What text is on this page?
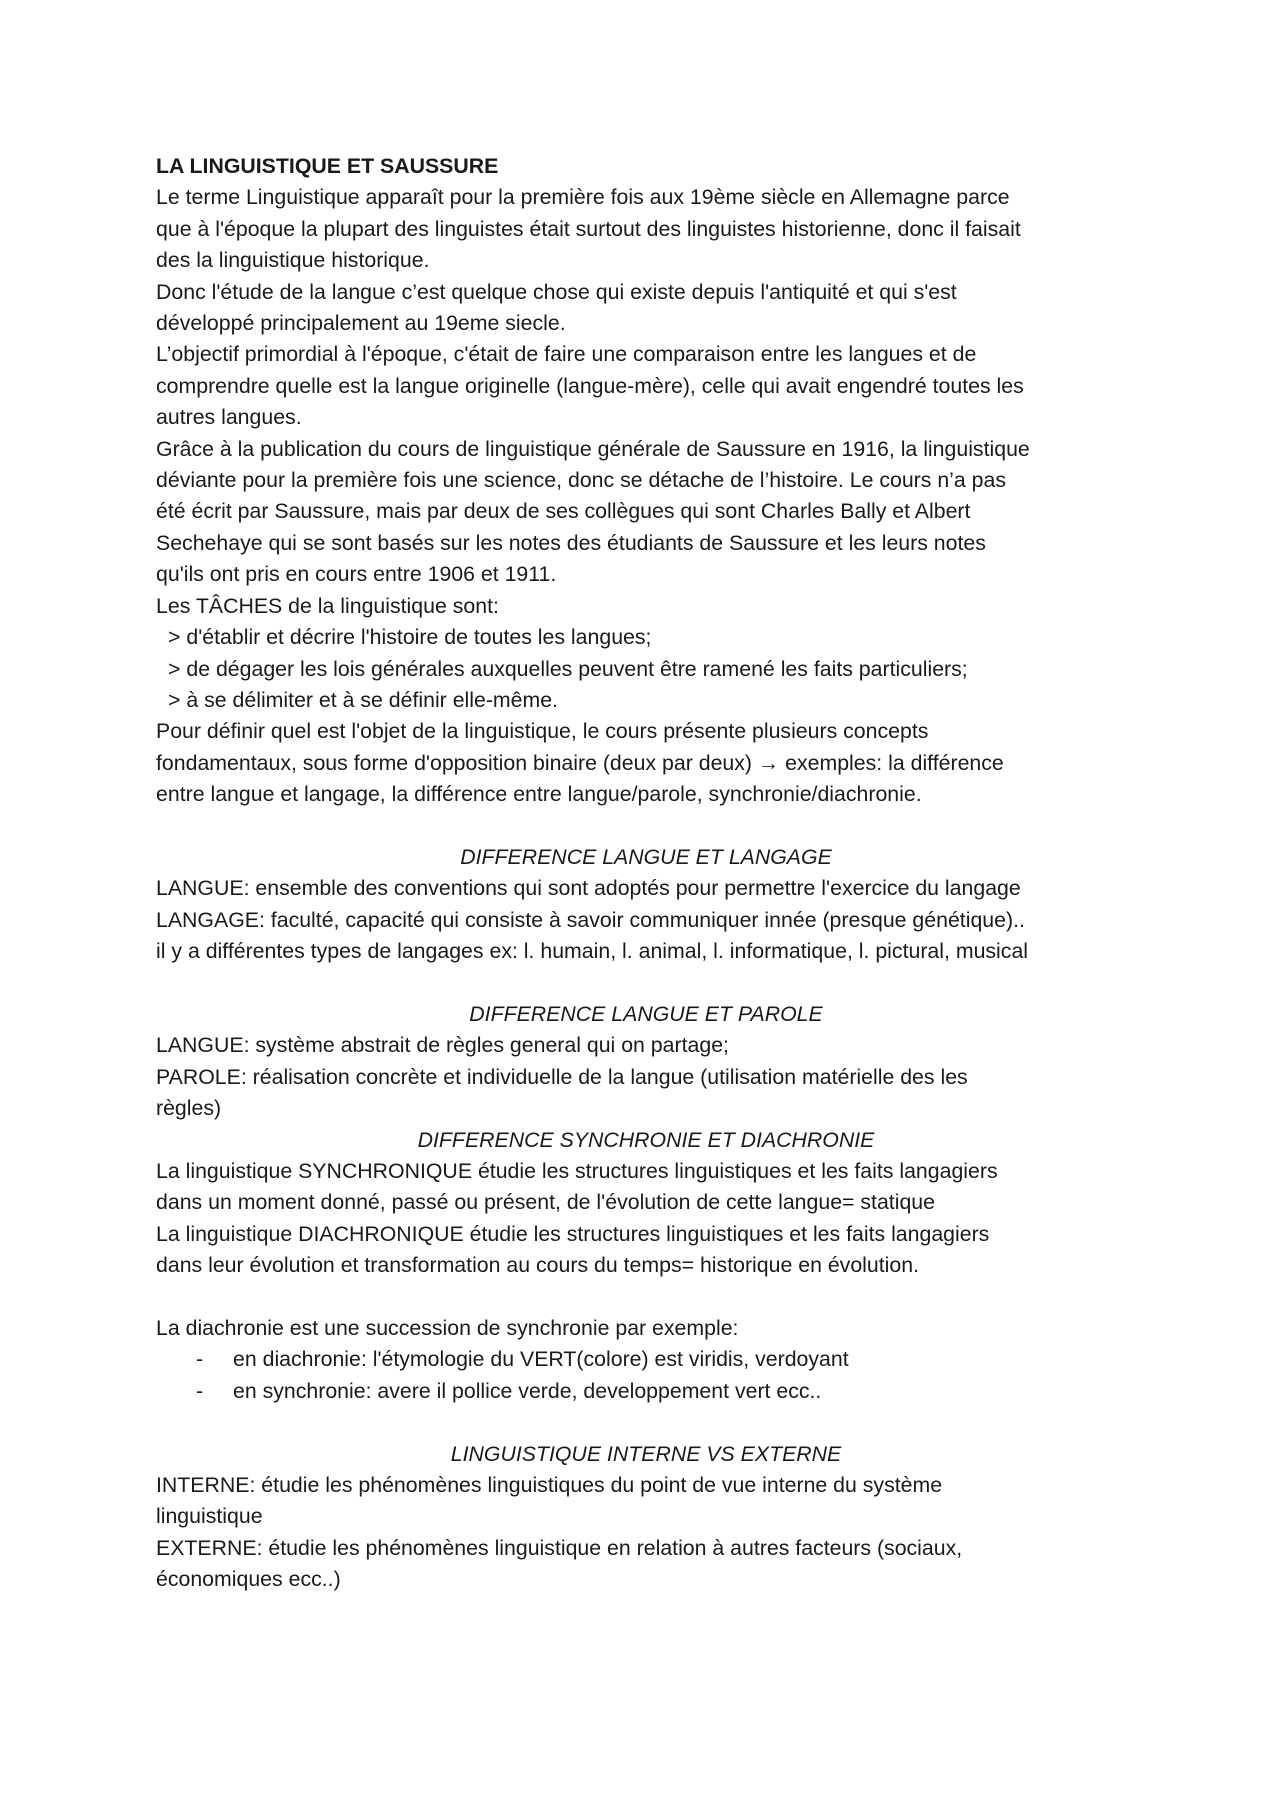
LA LINGUISTIQUE ET SAUSSURE
Le terme Linguistique apparaît pour la première fois aux 19ème siècle en Allemagne parce
que à l'époque la plupart des linguistes était surtout des linguistes historienne, donc il faisait
des la linguistique historique.
Donc l'étude de la langue c’est quelque chose qui existe depuis l'antiquité et qui s'est
développé principalement au 19eme siecle.
L’objectif primordial à l'époque, c'était de faire une comparaison entre les langues et de
comprendre quelle est la langue originelle (langue-mère), celle qui avait engendré toutes les
autres langues.
Grâce à la publication du cours de linguistique générale de Saussure en 1916, la linguistique
déviante pour la première fois une science, donc se détache de l’histoire. Le cours n’a pas
été écrit par Saussure, mais par deux de ses collègues qui sont Charles Bally et Albert
Sechehaye qui se sont basés sur les notes des étudiants de Saussure et les leurs notes
qu'ils ont pris en cours entre 1906 et 1911.
Les TÂCHES de la linguistique sont:
> d'établir et décrire l'histoire de toutes les langues;
> de dégager les lois générales auxquelles peuvent être ramené les faits particuliers;
> à se délimiter et à se définir elle-même.
Pour définir quel est l'objet de la linguistique, le cours présente plusieurs concepts
fondamentaux, sous forme d'opposition binaire (deux par deux) → exemples: la différence
entre langue et langage, la différence entre langue/parole, synchronie/diachronie.
DIFFERENCE LANGUE ET LANGAGE
LANGUE: ensemble des conventions qui sont adoptés pour permettre l'exercice du langage
LANGAGE: faculté, capacité qui consiste à savoir communiquer innée (presque génétique)..
il y a différentes types de langages ex: l. humain, l. animal, l. informatique, l. pictural, musical
DIFFERENCE LANGUE ET PAROLE
LANGUE: système abstrait de règles general qui on partage;
PAROLE: réalisation concrète et individuelle de la langue (utilisation matérielle des les
règles)
DIFFERENCE SYNCHRONIE ET DIACHRONIE
La linguistique SYNCHRONIQUE étudie les structures linguistiques et les faits langagiers
dans un moment donné, passé ou présent, de l'évolution de cette langue= statique
La linguistique DIACHRONIQUE étudie les structures linguistiques et les faits langagiers
dans leur évolution et transformation au cours du temps= historique en évolution.
La diachronie est une succession de synchronie par exemple:
- en diachronie: l'étymologie du VERT(colore) est viridis, verdoyant
- en synchronie: avere il pollice verde, developpement vert ecc..
LINGUISTIQUE INTERNE VS EXTERNE
INTERNE: étudie les phénomènes linguistiques du point de vue interne du système
linguistique
EXTERNE: étudie les phénomènes linguistique en relation à autres facteurs (sociaux,
économiques ecc..)
